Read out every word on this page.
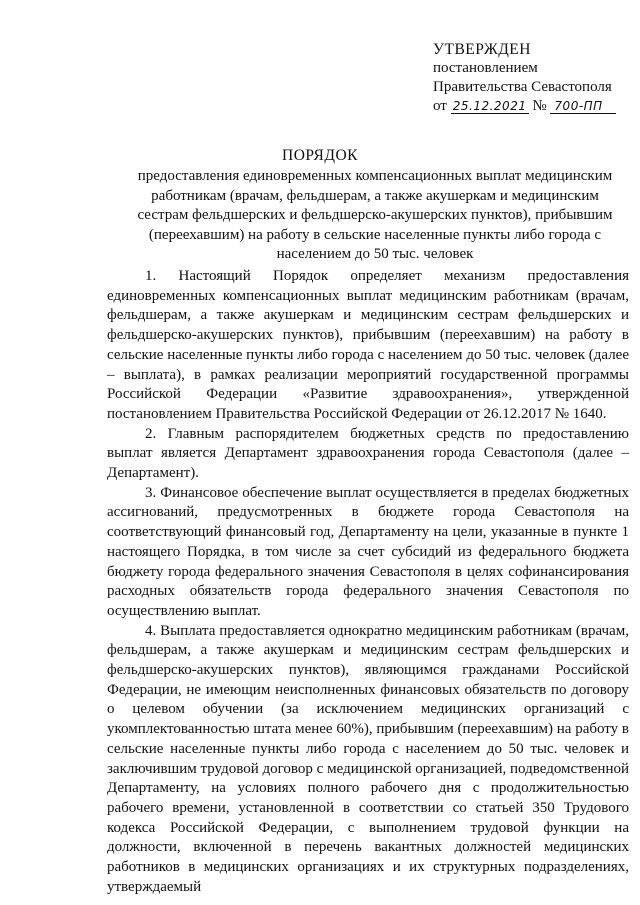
УТВЕРЖДЕН
постановлением
Правительства Севастополя
от 25.12.2021 № 700-ПП
ПОРЯДОК

предоставления единовременных компенсационных выплат медицинским работникам (врачам, фельдшерам, а также акушеркам и медицинским сестрам фельдшерских и фельдшерско-акушерских пунктов), прибывшим (переехавшим) на работу в сельские населенные пункты либо города с населением до 50 тыс. человек

1. Настоящий Порядок определяет механизм предоставления единовременных компенсационных выплат медицинским работникам (врачам, фельдшерам, а также акушеркам и медицинским сестрам фельдшерских и фельдшерско-акушерских пунктов), прибывшим (переехавшим) на работу в сельские населенные пункты либо города с населением до 50 тыс. человек (далее – выплата), в рамках реализации мероприятий государственной программы Российской Федерации «Развитие здравоохранения», утвержденной постановлением Правительства Российской Федерации от 26.12.2017 № 1640.

2. Главным распорядителем бюджетных средств по предоставлению выплат является Департамент здравоохранения города Севастополя (далее – Департамент).

3. Финансовое обеспечение выплат осуществляется в пределах бюджетных ассигнований, предусмотренных в бюджете города Севастополя на соответствующий финансовый год, Департаменту на цели, указанные в пункте 1 настоящего Порядка, в том числе за счет субсидий из федерального бюджета бюджету города федерального значения Севастополя в целях софинансирования расходных обязательств города федерального значения Севастополя по осуществлению выплат.

4. Выплата предоставляется однократно медицинским работникам (врачам, фельдшерам, а также акушеркам и медицинским сестрам фельдшерских и фельдшерско-акушерских пунктов), являющимся гражданами Российской Федерации, не имеющим неисполненных финансовых обязательств по договору о целевом обучении (за исключением медицинских организаций с укомплектованностью штата менее 60%), прибывшим (переехавшим) на работу в сельские населенные пункты либо города с населением до 50 тыс. человек и заключившим трудовой договор с медицинской организацией, подведомственной Департаменту, на условиях полного рабочего дня с продолжительностью рабочего времени, установленной в соответствии со статьей 350 Трудового кодекса Российской Федерации, с выполнением трудовой функции на должности, включенной в перечень вакантных должностей медицинских работников в медицинских организациях и их структурных подразделениях, утверждаемый
